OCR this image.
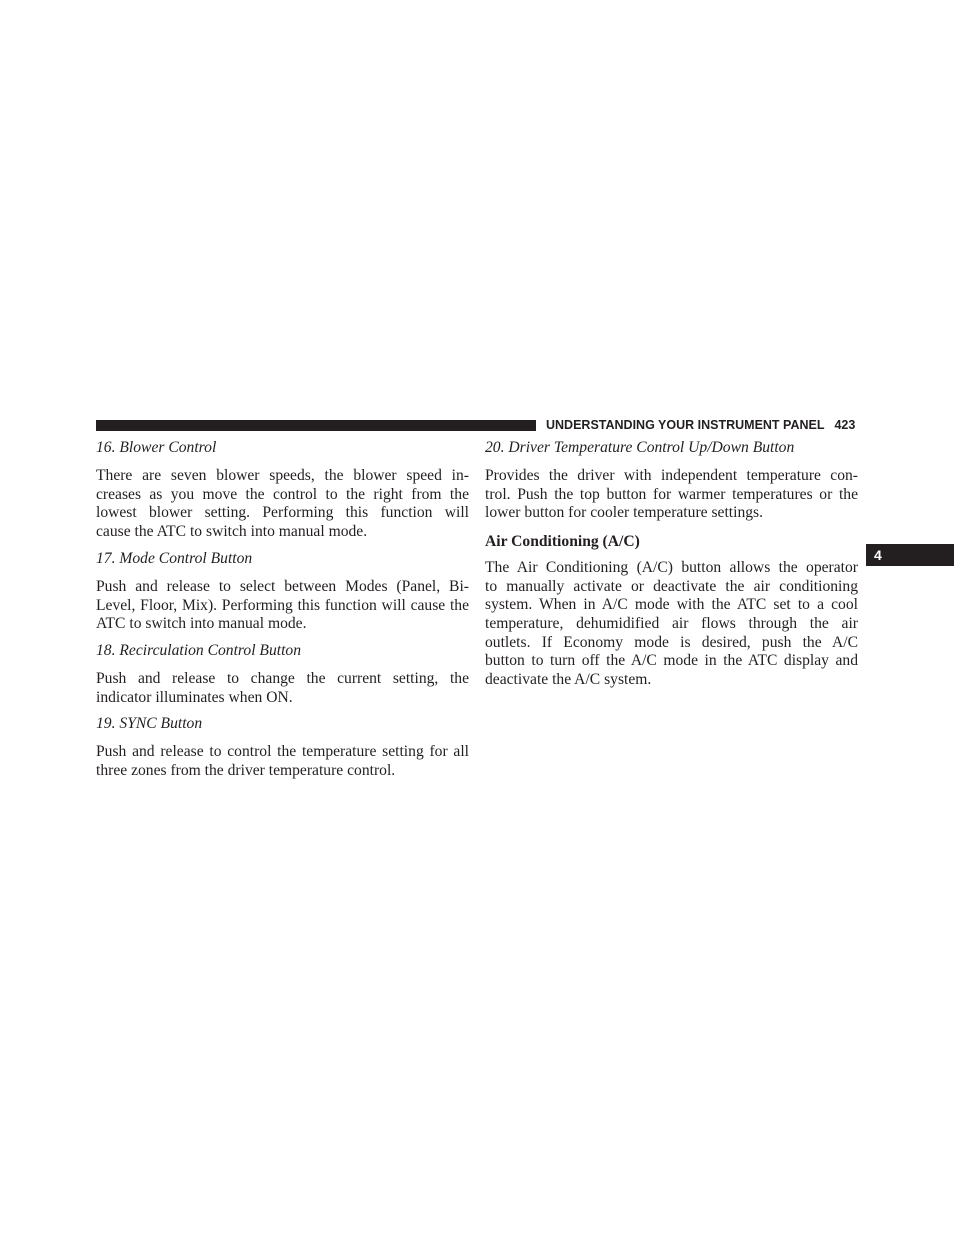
UNDERSTANDING YOUR INSTRUMENT PANEL 423
4
16. Blower Control
There are seven blower speeds, the blower speed in-
creases as you move the control to the right from the
lowest blower setting. Performing this function will
cause the ATC to switch into manual mode.
17. Mode Control Button
Push and release to select between Modes (Panel, Bi-
Level, Floor, Mix). Performing this function will cause the
ATC to switch into manual mode.
18. Recirculation Control Button
Push and release to change the current setting, the
indicator illuminates when ON.
19. SYNC Button
Push and release to control the temperature setting for all
three zones from the driver temperature control.
20. Driver Temperature Control Up/Down Button
Provides the driver with independent temperature con-
trol. Push the top button for warmer temperatures or the
lower button for cooler temperature settings.
Air Conditioning (A/C)
The Air Conditioning (A/C) button allows the operator
to manually activate or deactivate the air conditioning
system. When in A/C mode with the ATC set to a cool
temperature, dehumidified air flows through the air
outlets. If Economy mode is desired, push the A/C
button to turn off the A/C mode in the ATC display and
deactivate the A/C system.
